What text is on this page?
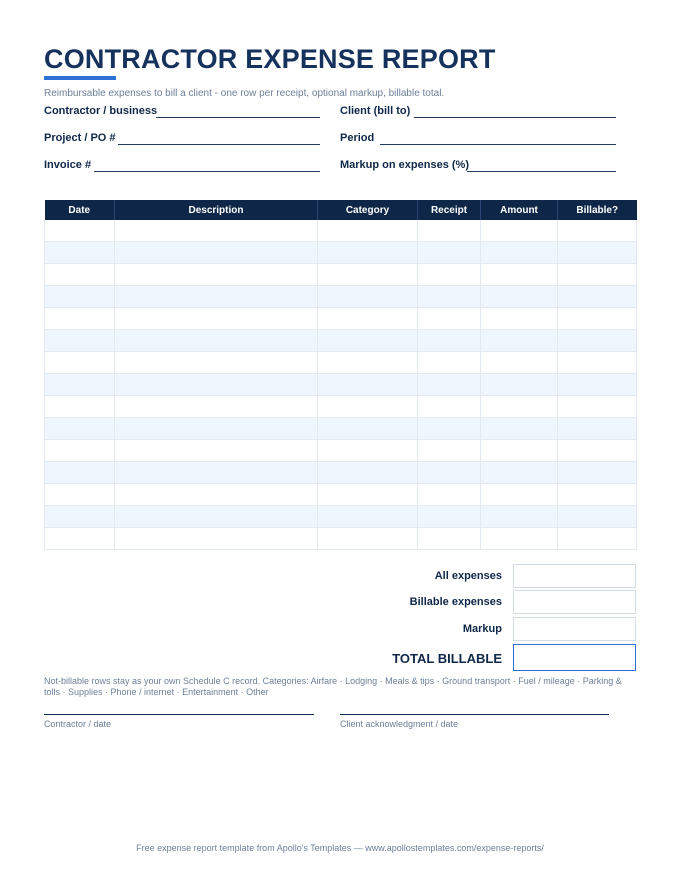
CONTRACTOR EXPENSE REPORT
Reimbursable expenses to bill a client - one row per receipt, optional markup, billable total.
Contractor / business
Project / PO #
Invoice #
Client (bill to)
Period
Markup on expenses (%)
Date	Description	Category	Receipt	Amount	Billable?

All expenses
Billable expenses
Markup
TOTAL BILLABLE
Not-billable rows stay as your own Schedule C record. Categories: Airfare · Lodging · Meals & tips · Ground transport · Fuel / mileage · Parking & tolls · Supplies · Phone / internet · Entertainment · Other
Contractor / date	Client acknowledgment / date
Free expense report template from Apollo's Templates — www.apollostemplates.com/expense-reports/
